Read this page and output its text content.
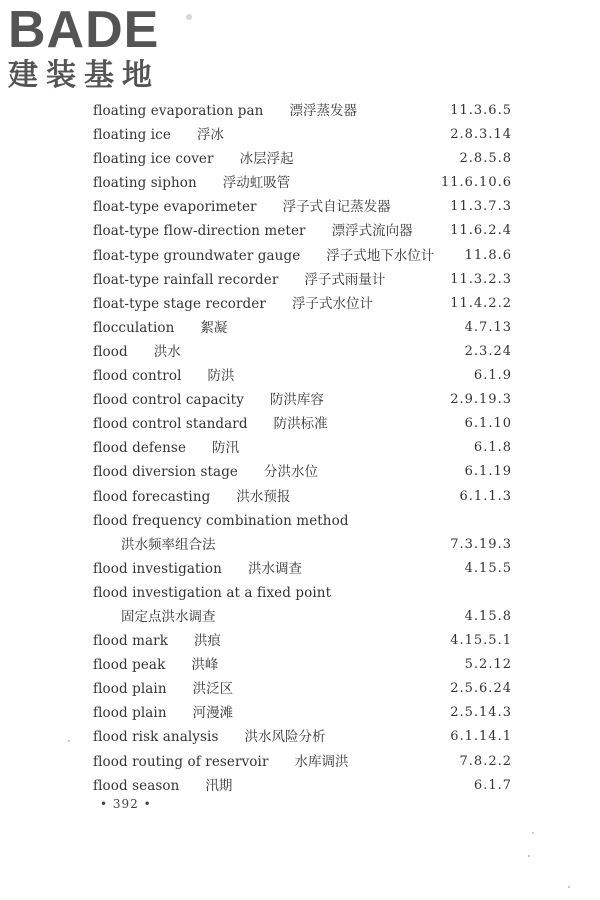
BADE
建装基地
floating evaporation pan 漂浮蒸发器	11.3.6.5
floating ice 浮冰	2.8.3.14
floating ice cover 冰层浮起	2.8.5.8
floating siphon 浮动虹吸管	11.6.10.6
float-type evaporimeter 浮子式自记蒸发器	11.3.7.3
float-type flow-direction meter 漂浮式流向器	11.6.2.4
float-type groundwater gauge 浮子式地下水位计 11.8.6
float-type rainfall recorder 浮子式雨量计	11.3.2.3
float-type stage recorder 浮子式水位计	11.4.2.2
flocculation 絮凝	4.7.13
flood 洪水	2.3.24
flood control 防洪	6.1.9
flood control capacity 防洪库容	2.9.19.3
flood control standard 防洪标准	6.1.10
flood defense 防汛	6.1.8
flood diversion stage 分洪水位	6.1.19
flood forecasting 洪水预报	6.1.1.3
flood frequency combination method
洪水频率组合法	7.3.19.3
flood investigation 洪水调查	4.15.5
flood investigation at a fixed point
固定点洪水调查	4.15.8
flood mark 洪痕	4.15.5.1
flood peak 洪峰	5.2.12
flood plain 洪泛区	2.5.6.24
flood plain 河漫滩	2.5.14.3
flood risk analysis 洪水风险分析	6.1.14.1
flood routing of reservoir 水库调洪	7.8.2.2
flood season 汛期	6.1.7
• 392 •
